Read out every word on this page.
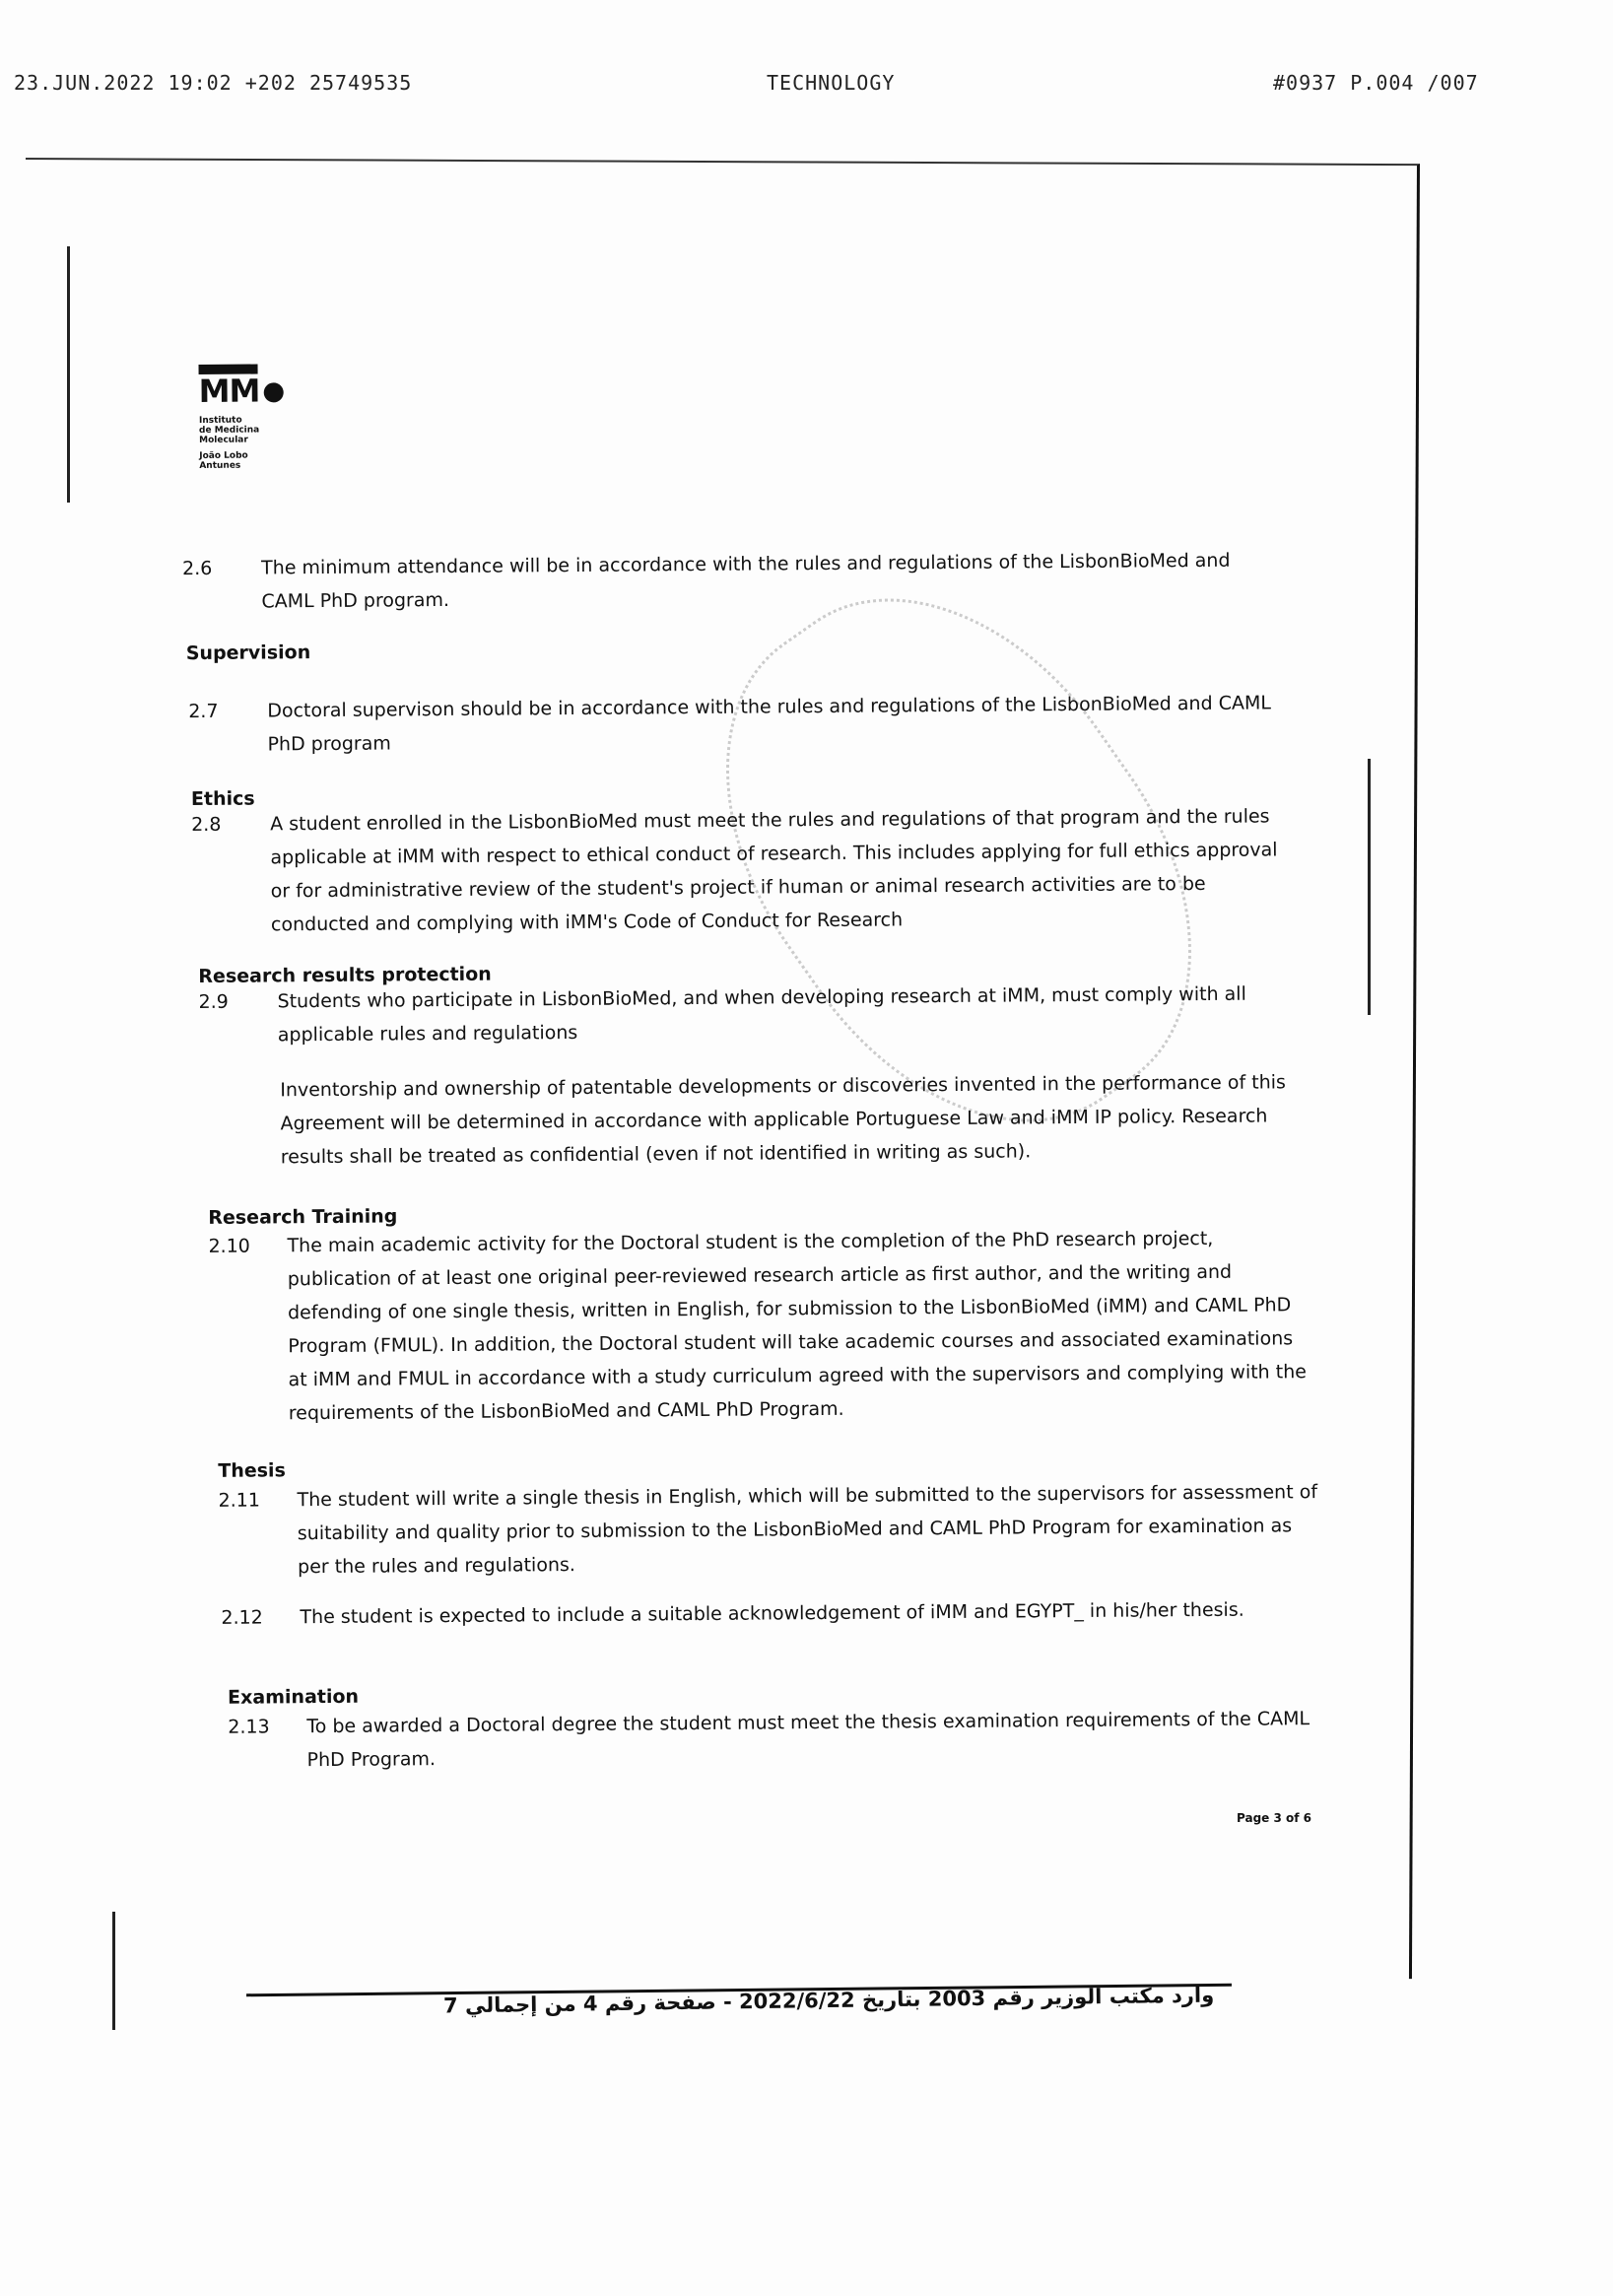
23.JUN.2022 19:02 +202 25749535	TECHNOLOGY	#0937 P.004 /007
MM
Instituto
de Medicina
Molecular
João Lobo
Antunes
2.6	The minimum attendance will be in accordance with the rules and regulations of the LisbonBioMed and CAML PhD program.
Supervision
2.7	Doctoral supervison should be in accordance with the rules and regulations of the LisbonBioMed and CAML PhD program
Ethics
2.8	A student enrolled in the LisbonBioMed must meet the rules and regulations of that program and the rules applicable at iMM with respect to ethical conduct of research. This includes applying for full ethics approval or for administrative review of the student's project if human or animal research activities are to be conducted and complying with iMM's Code of Conduct for Research
Research results protection
2.9	Students who participate in LisbonBioMed, and when developing research at iMM, must comply with all applicable rules and regulations
Inventorship and ownership of patentable developments or discoveries invented in the performance of this Agreement will be determined in accordance with applicable Portuguese Law and iMM IP policy. Research results shall be treated as confidential (even if not identified in writing as such).
Research Training
2.10 The main academic activity for the Doctoral student is the completion of the PhD research project, publication of at least one original peer-reviewed research article as first author, and the writing and defending of one single thesis, written in English, for submission to the LisbonBioMed (iMM) and CAML PhD Program (FMUL). In addition, the Doctoral student will take academic courses and associated examinations at iMM and FMUL in accordance with a study curriculum agreed with the supervisors and complying with the requirements of the LisbonBioMed and CAML PhD Program.
Thesis
2.11 The student will write a single thesis in English, which will be submitted to the supervisors for assessment of suitability and quality prior to submission to the LisbonBioMed and CAML PhD Program for examination as per the rules and regulations.
2.12 The student is expected to include a suitable acknowledgement of iMM and EGYPT_ in his/her thesis.
Examination
2.13 To be awarded a Doctoral degree the student must meet the thesis examination requirements of the CAML PhD Program.
Page 3 of 6
وارد مكتب الوزير رقم 2003 بتاريخ 2022/6/22 - صفحة رقم 4 من إجمالي 7
